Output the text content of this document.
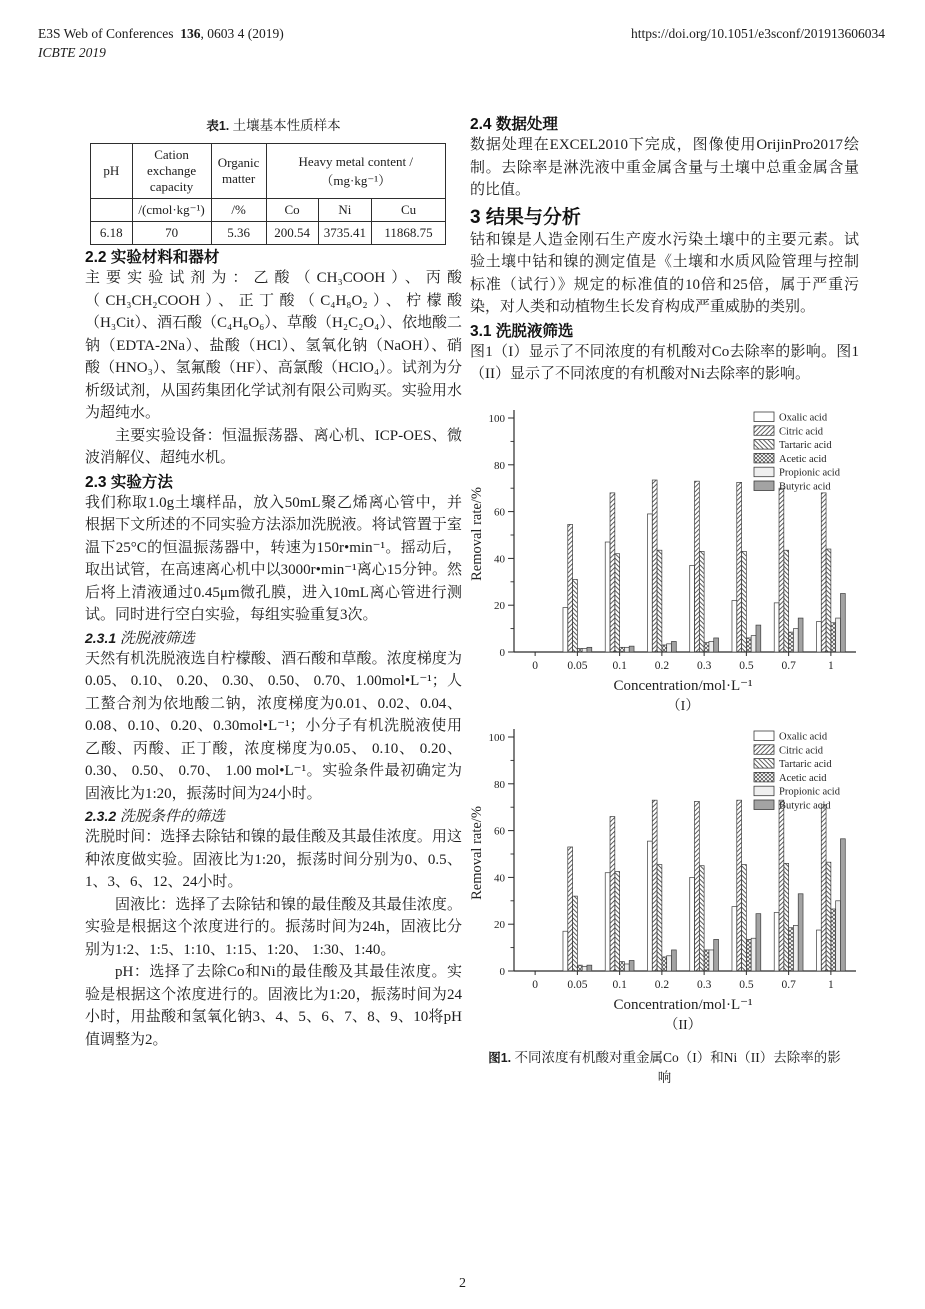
E3S Web of Conferences 136, 0603 4 (2019)
ICBTE 2019
https://doi.org/10.1051/e3sconf/201913606034
表1. 土壤基本性质样本
pH	Cation exchange capacity	Organic matter	Heavy metal content /（mg·kg⁻¹）		
	/(cmol·kg⁻¹)	/%	Co	Ni	Cu
6.18	70	5.36	200.54	3735.41	11868.75
2.2 实验材料和器材

主要实验试剂为：乙酸（CH₃COOH）、丙酸（CH₃CH₂COOH）、正丁酸（C₄H₈O₂）、柠檬酸（H₃Cit）、酒石酸（C₄H₆O₆）、草酸（H₂C₂O₄）、依地酸二钠（EDTA-2Na）、盐酸（HCl）、氢氧化钠（NaOH）、硝酸（HNO₃）、氢氟酸（HF）、高氯酸（HClO₄）。试剂为分析级试剂，从国药集团化学试剂有限公司购买。实验用水为超纯水。

主要实验设备：恒温振荡器、离心机、ICP-OES、微波消解仪、超纯水机。

2.3 实验方法

我们称取1.0g土壤样品，放入50mL聚乙烯离心管中，并根据下文所述的不同实验方法添加洗脱液。将试管置于室温下25°C的恒温振荡器中，转速为150r•min⁻¹。摇动后，取出试管，在高速离心机中以3000r•min⁻¹离心15分钟。然后将上清液通过0.45μm微孔膜，进入10mL离心管进行测试。同时进行空白实验，每组实验重复3次。

2.3.1 洗脱液筛选

天然有机洗脱液选自柠檬酸、酒石酸和草酸。浓度梯度为0.05、 0.10、 0.20、 0.30、 0.50、 0.70、1.00mol•L⁻¹；人工螯合剂为依地酸二钠，浓度梯度为0.01、0.02、0.04、0.08、0.10、0.20、0.30mol•L⁻¹；小分子有机洗脱液使用乙酸、丙酸、正丁酸，浓度梯度为0.05、 0.10、 0.20、 0.30、 0.50、 0.70、 1.00 mol•L⁻¹。实验条件最初确定为固液比为1:20，振荡时间为24小时。

2.3.2 洗脱条件的筛选

洗脱时间：选择去除钴和镍的最佳酸及其最佳浓度。用这种浓度做实验。固液比为1:20，振荡时间分别为0、0.5、1、3、6、12、24小时。

固液比：选择了去除钴和镍的最佳酸及其最佳浓度。实验是根据这个浓度进行的。振荡时间为24h，固液比分别为1:2、1:5、1:10、1:15、1:20、 1:30、1:40。

pH：选择了去除Co和Ni的最佳酸及其最佳浓度。实验是根据这个浓度进行的。固液比为1:20，振荡时间为24小时，用盐酸和氢氧化钠3、4、5、6、7、8、9、10将pH值调整为2。

2.4 数据处理

数据处理在EXCEL2010下完成，图像使用OrijinPro2017绘制。去除率是淋洗液中重金属含量与土壤中总重金属含量的比值。

3 结果与分析

钴和镍是人造金刚石生产废水污染土壤中的主要元素。试验土壤中钴和镍的测定值是《土壤和水质风险管理与控制标准（试行）》规定的标准值的10倍和25倍，属于严重污染，对人类和动植物生长发育构成严重威胁的类别。

3.1 洗脱液筛选

图1（I）显示了不同浓度的有机酸对Co去除率的影响。图1（II）显示了不同浓度的有机酸对Ni去除率的影响。

0
20
40
60
80
100
0	0.05 0.1 0.2 0.3 0.5 0.7	1
Oxalic acid
Citric acid
Tartaric acid
Acetic acid
Propionic acid
Butyric acid
Removal rate/%
Concentration/mol·L⁻¹
（I）
0
20
40
60
80
100
0	0.05 0.1 0.2 0.3 0.5 0.7	1
Oxalic acid
Citric acid
Tartaric acid
Acetic acid
Propionic acid
Butyric acid
Removal rate/%
Concentration/mol·L⁻¹
（II）
图1. 不同浓度有机酸对重金属Co（I）和Ni（II）去除率的影响
2
